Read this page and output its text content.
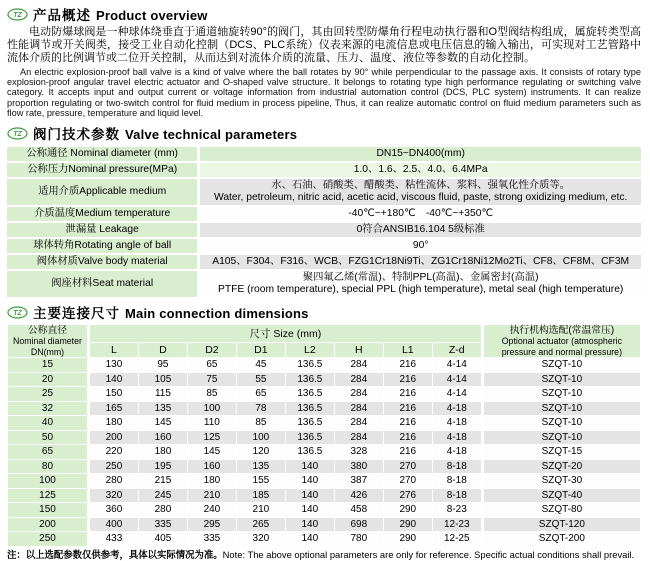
TZ 产品概述 Product overview

电动防爆球阀是一种球体绕垂直于通道轴旋转90°的阀门，其由回转型防爆角行程电动执行器和O型阀结构组成，属旋转类型高性能调节或开关阀类，接受工业自动化控制（DCS、PLC系统）仪表来源的电流信息或电压信息的输入输出，可实现对工艺管路中流体介质的比例调节或二位开关控制，从而达到对流体介质的流量、压力、温度、液位等参数的自动化控制。

An electric explosion-proof ball valve is a kind of valve where the ball rotates by 90° while perpendicular to the passage axis. It consists of rotary type explosion-proof angular travel electric actuator and O-shaped valve structure. It belongs to rotating type high performance regulating or switching valve category. It accepts input and output current or voltage information from industrial automation control (DCS, PLC system) instruments. It can realize proportion regulating or two-switch control for fluid medium in process pipeline, Thus, it can realize automatic control on fluid medium parameters such as flow rate, pressure, temperature and liquid level.

TZ 阀门技术参数 Valve technical parameters
公称通径 Nominal diameter (mm)	DN15~DN400(mm)

公称压力Nominal pressure(MPa)	1.0、1.6、2.5、4.0、6.4MPa

适用介质Applicable medium	水、石油、硝酸类、醋酸类、粘性流体、浆料、强氧化性介质等。
Water, petroleum, nitric acid, acetic acid, viscous fluid, paste, strong oxidizing medium, etc.

介质温度Medium temperature	-40℃~+180℃　-40℃~+350℃

泄漏量 Leakage	0符合ANSIB16.104 5级标准

球体转角Rotating angle of ball	90°

阀体材质Valve body material	A105、F304、F316、WCB、FZG1Cr18Ni9Ti、ZG1Cr18Ni12Mo2Ti、CF8、CF8M、CF3M

阀座材料Seat material	聚四氟乙烯(常温)、特制PPL(高温)、金属密封(高温)
PTFE (room temperature), special PPL (high temperature), metal seal (high temperature)
TZ 主要连接尺寸 Main connection dimensions
公称直径
Nominal diameter
DN(mm)
	尺寸 Size (mm)	执行机构选配(常温常压)
Optional actuator (atmospheric
pressure and normal pressure)

	L	D	D2	D1	L2	H	L1	Z-d	
15	130	95	65	45	136.5	284	216	4-14	SZQT-10
20	140	105	75	55	136.5	284	216	4-14	SZQT-10
25	150	115	85	65	136.5	284	216	4-14	SZQT-10
32	165	135	100	78	136.5	284	216	4-18	SZQT-10
40	180	145	110	85	136.5	284	216	4-18	SZQT-10
50	200	160	125	100	136.5	284	216	4-18	SZQT-10
65	220	180	145	120	136.5	328	216	4-18	SZQT-15
80	250	195	160	135	140	380	270	8-18	SZQT-20
100	280	215	180	155	140	387	270	8-18	SZQT-30
125	320	245	210	185	140	426	276	8-18	SZQT-40
150	360	280	240	210	140	458	290	8-23	SZQT-80
200	400	335	295	265	140	698	290	12-23	SZQT-120
250	433	405	335	320	140	780	290	12-25	SZQT-200
注：以上选配参数仅供参考，具体以实际情况为准。Note: The above optional parameters are only for reference. Specific actual conditions shall prevail.
